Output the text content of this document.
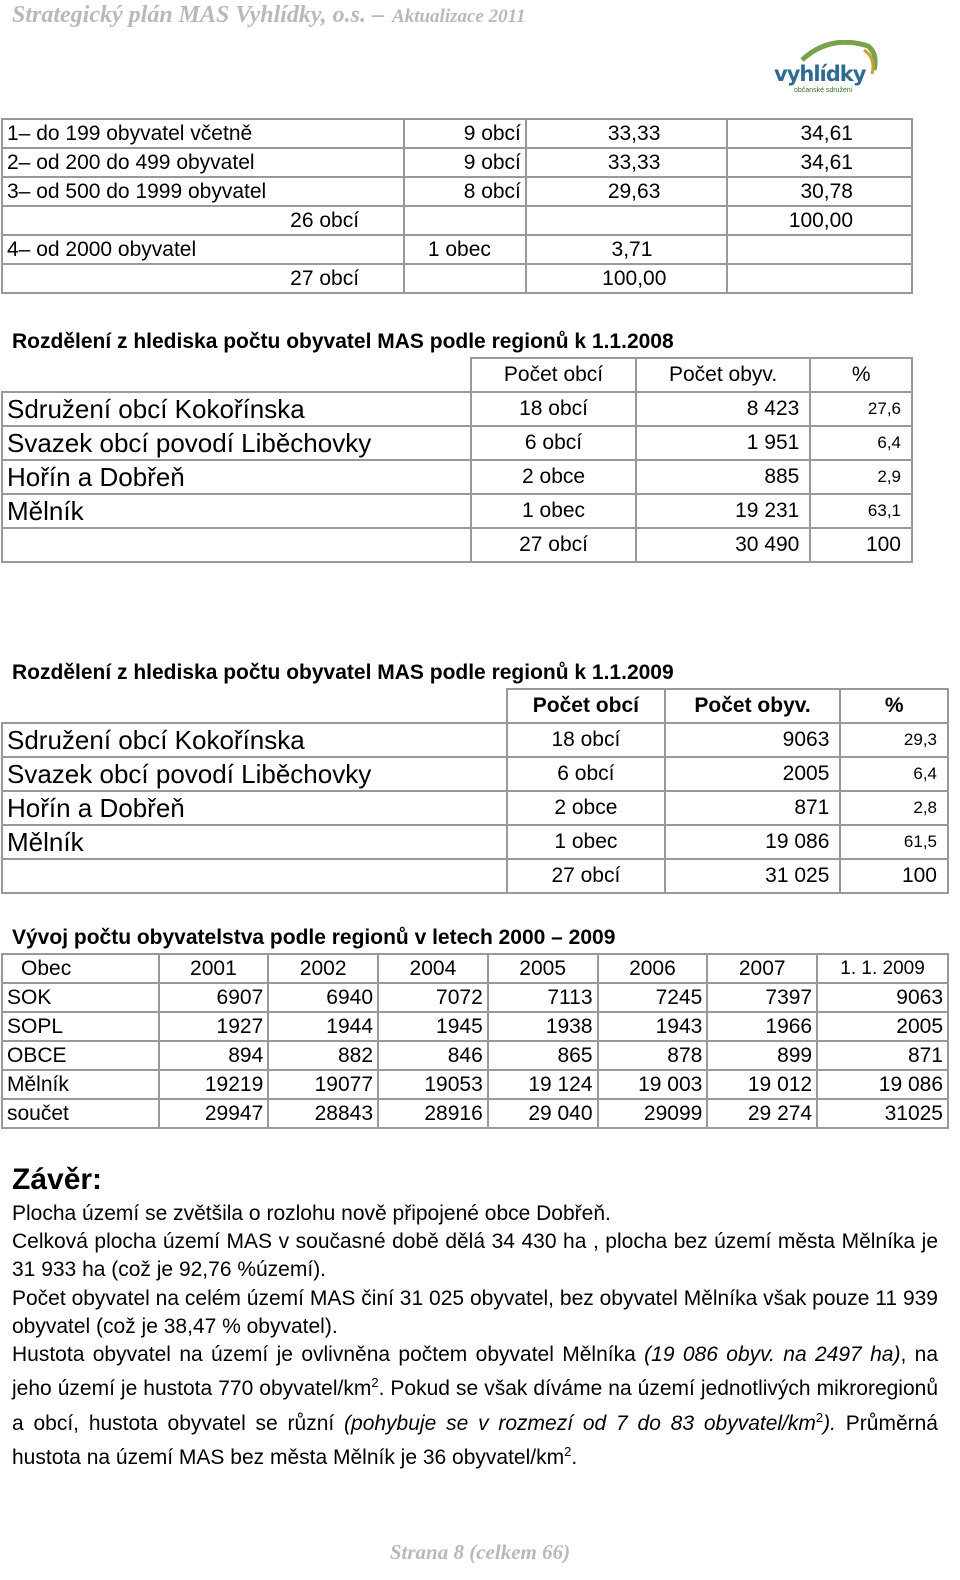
Strategický plán MAS Vyhlídky, o.s. – Aktualizace 2011
vyhlídky
občanské sdružení
1– do 199 obyvatel včetně	9 obcí	33,33	34,61
2– od 200 do 499 obyvatel	9 obcí	33,33	34,61
3– od 500 do 1999 obyvatel	8 obcí	29,63	30,78
26 obcí			100,00
4– od 2000 obyvatel	1 obec	3,71	
27 obcí		100,00	
Rozdělení z hlediska počtu obyvatel MAS podle regionů k 1.1.2008
	Počet obcí	Počet obyv.	%
Sdružení obcí Kokořínska	18 obcí	8 423	27,6
Svazek obcí povodí Liběchovky	6 obcí	1 951	6,4
Hořín a Dobřeň	2 obce	885	2,9
Mělník	1 obec	19 231	63,1
	27 obcí	30 490	100
Rozdělení z hlediska počtu obyvatel MAS podle regionů k 1.1.2009
	Počet obcí	Počet obyv.	%
Sdružení obcí Kokořínska	18 obcí	9063	29,3
Svazek obcí povodí Liběchovky	6 obcí	2005	6,4
Hořín a Dobřeň	2 obce	871	2,8
Mělník	1 obec	19 086	61,5
	27 obcí	31 025	100
Vývoj počtu obyvatelstva podle regionů v letech 2000 – 2009
Obec	2001	2002	2004	2005	2006	2007	1. 1. 2009
SOK	6907	6940	7072	7113	7245	7397	9063
SOPL	1927	1944	1945	1938	1943	1966	2005
OBCE	894	882	846	865	878	899	871
Mělník	19219	19077	19053	19 124	19 003	19 012	19 086
součet	29947	28843	28916	29 040	29099	29 274	31025
Závěr:
Plocha území se zvětšila o rozlohu nově připojené obce Dobřeň.
Celková plocha území MAS v současné době dělá 34 430 ha , plocha bez území města Mělníka je 31 933 ha (což je 92,76 %území).
Počet obyvatel na celém území MAS činí 31 025 obyvatel, bez obyvatel Mělníka však pouze 11 939 obyvatel (což je 38,47 % obyvatel).
Hustota obyvatel na území je ovlivněna počtem obyvatel Mělníka (19 086 obyv. na 2497 ha), na jeho území je hustota 770 obyvatel/$km^2$. Pokud se však díváme na území jednotlivých mikroregionů a obcí, hustota obyvatel se různí (pohybuje se v rozmezí od 7 do 83 obyvatel/$km^2$). Průměrná hustota na území MAS bez města Mělník je 36 obyvatel/$km^2$.
Strana 8 (celkem 66)
